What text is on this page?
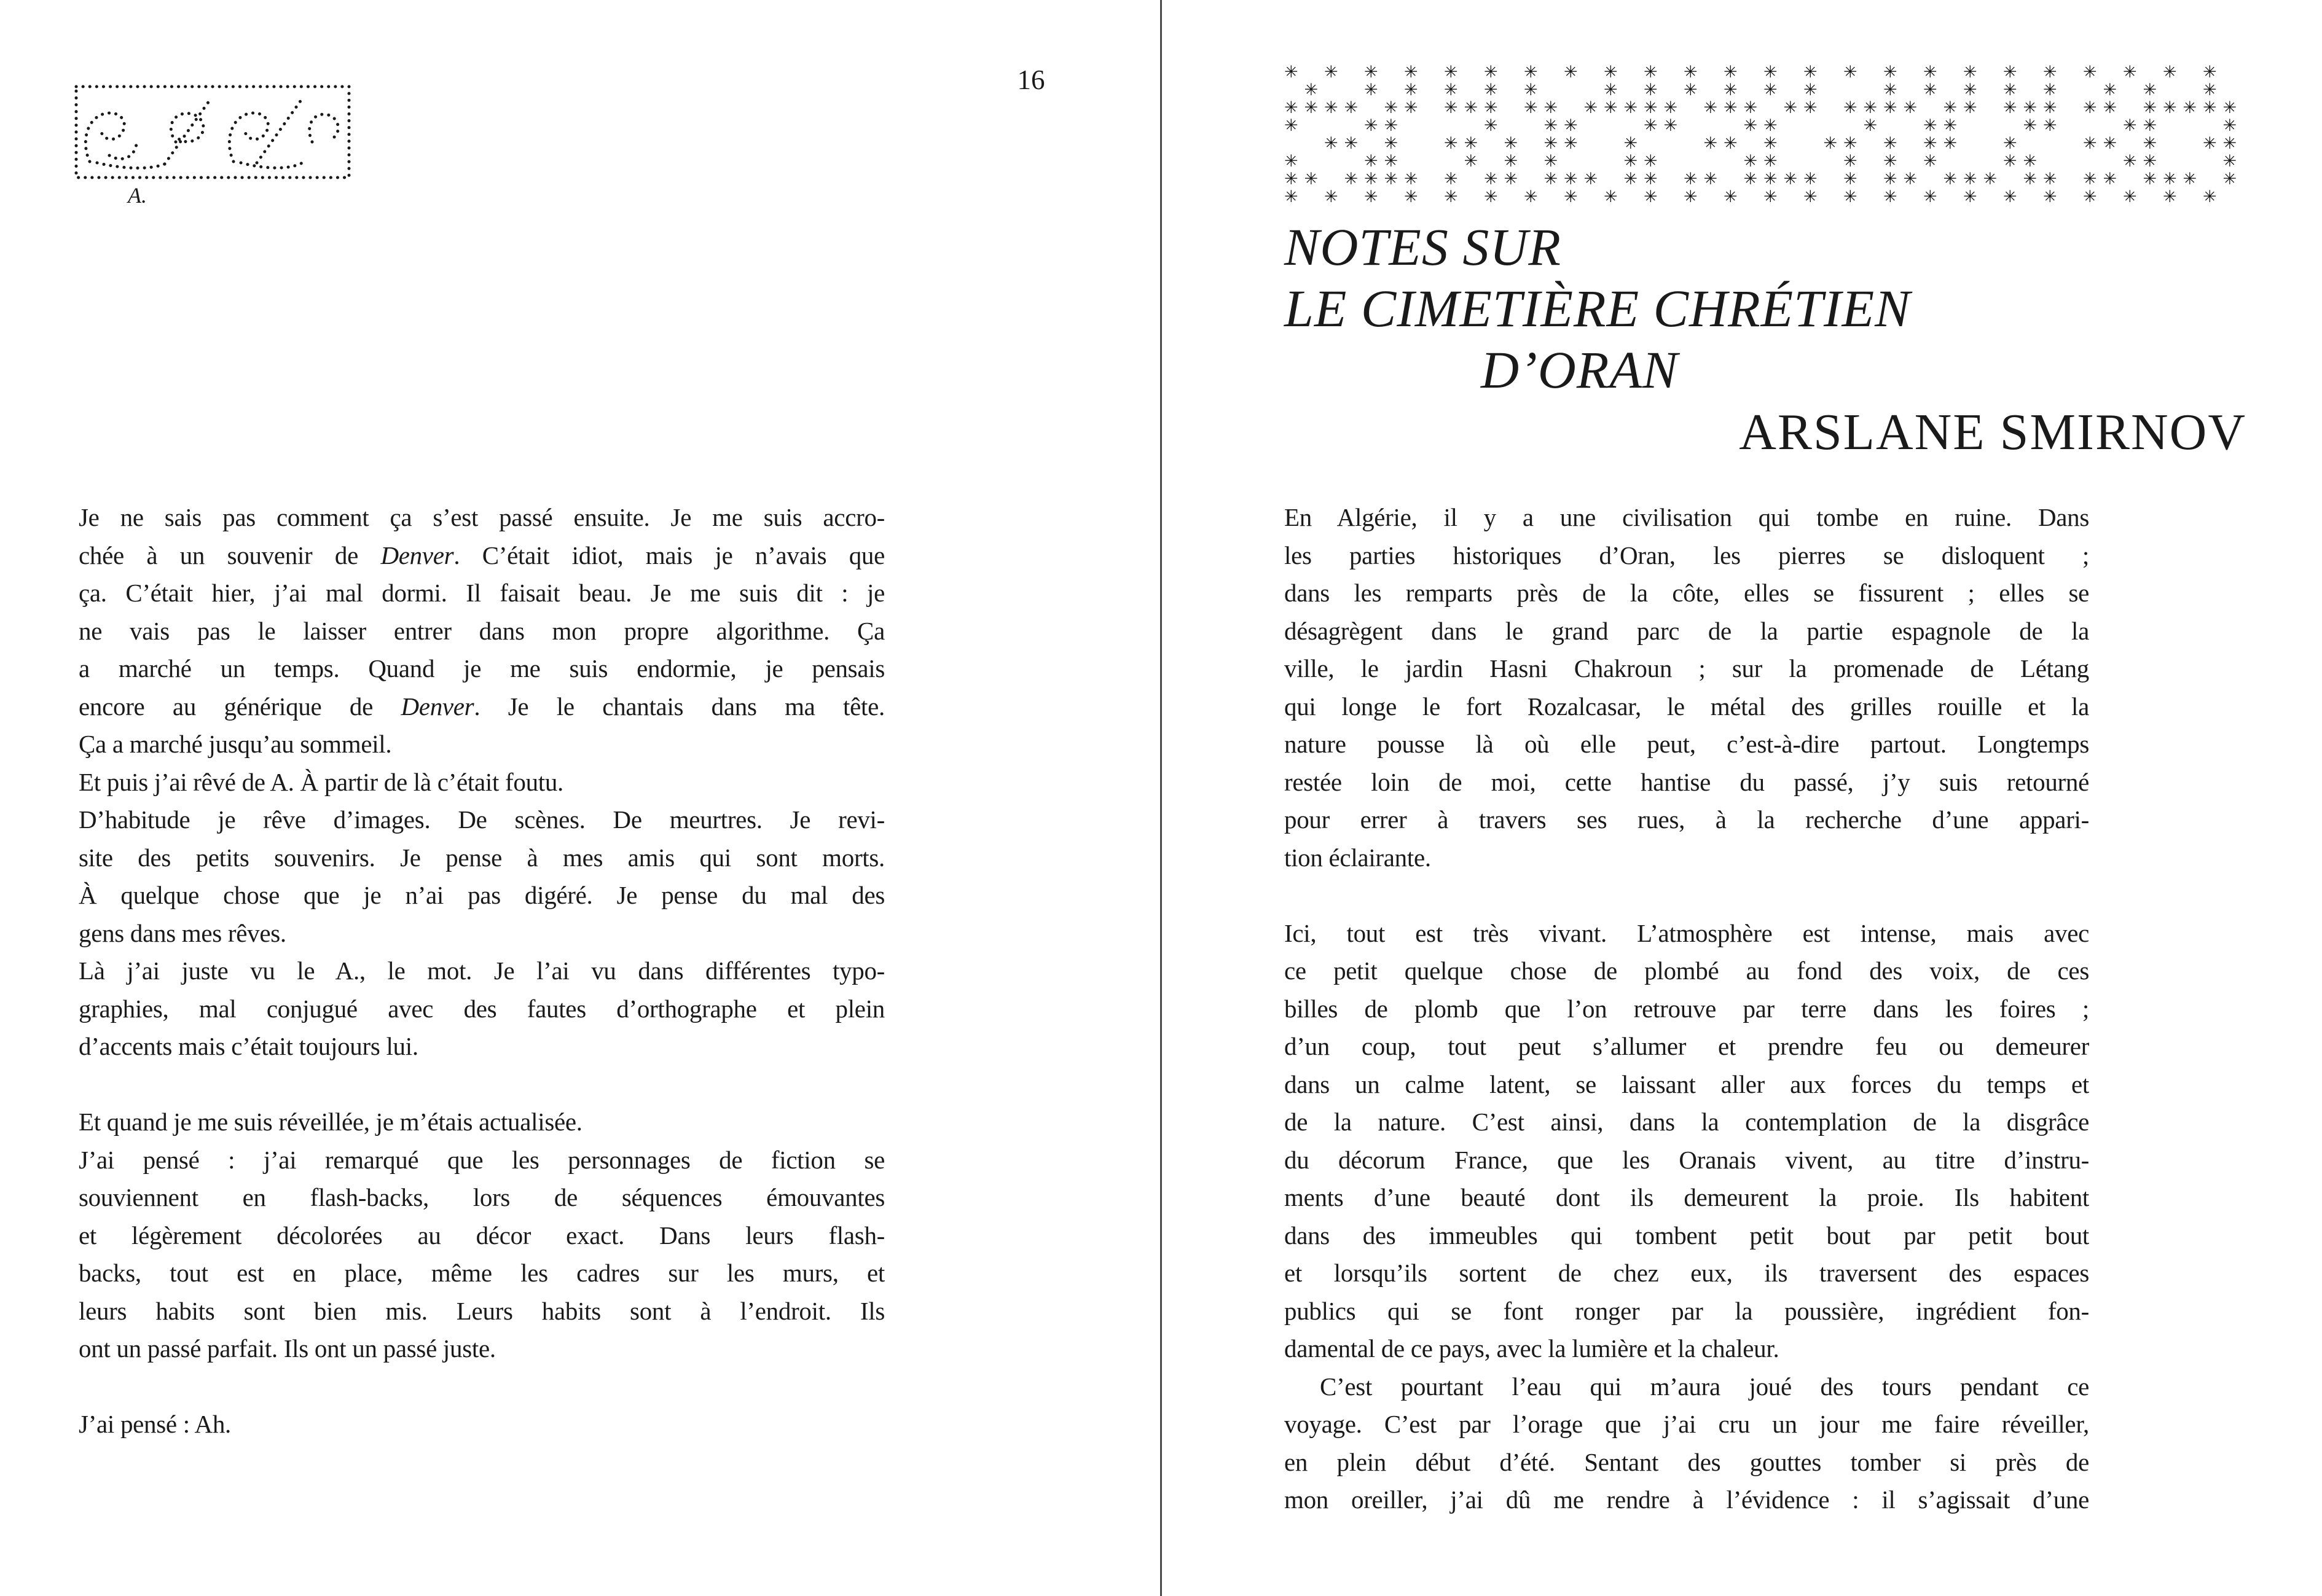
A.
16
Je ne sais pas comment ça s’est passé ensuite. Je me suis accro-
chée à un souvenir de Denver. C’était idiot, mais je n’avais que
ça. C’était hier, j’ai mal dormi. Il faisait beau. Je me suis dit : je
ne vais pas le laisser entrer dans mon propre algorithme. Ça
a marché un temps. Quand je me suis endormie, je pensais
encore au générique de Denver. Je le chantais dans ma tête.
Ça a marché jusqu’au sommeil.
Et puis j’ai rêvé de A. À partir de là c’était foutu.
D’habitude je rêve d’images. De scènes. De meurtres. Je revi-
site des petits souvenirs. Je pense à mes amis qui sont morts.
À quelque chose que je n’ai pas digéré. Je pense du mal des
gens dans mes rêves.
Là j’ai juste vu le A., le mot. Je l’ai vu dans différentes typo-
graphies, mal conjugué avec des fautes d’orthographe et plein
d’accents mais c’était toujours lui.
Et quand je me suis réveillée, je m’étais actualisée.
J’ai pensé : j’ai remarqué que les personnages de fiction se
souviennent en flash-backs, lors de séquences émouvantes
et légèrement décolorées au décor exact. Dans leurs flash-
backs, tout est en place, même les cadres sur les murs, et
leurs habits sont bien mis. Leurs habits sont à l’endroit. Ils
ont un passé parfait. Ils ont un passé juste.
J’ai pensé : Ah.
✳ ✳ ✳ ✳ ✳ ✳ ✳ ✳ ✳ ✳ ✳ ✳ ✳ ✳ ✳ ✳ ✳ ✳ ✳ ✳ ✳ ✳ ✳ ✳
✳	✳ ✳ ✳ ✳ ✳	✳ ✳ ✳ ✳ ✳ ✳	✳ ✳ ✳ ✳ ✳	✳ ✳	✳
✳ ✳ ✳ ✳ ✳ ✳ ✳ ✳ ✳ ✳ ✳ ✳ ✳ ✳ ✳ ✳ ✳ ✳ ✳ ✳ ✳ ✳ ✳ ✳ ✳ ✳ ✳ ✳ ✳ ✳ ✳ ✳ ✳ ✳ ✳ ✳ ✳
✳	✳ ✳	✳	✳ ✳	✳ ✳	✳ ✳	✳	✳ ✳	✳ ✳	✳ ✳	✳
✳ ✳ ✳	✳ ✳ ✳ ✳ ✳	✳	✳ ✳ ✳	✳ ✳ ✳ ✳ ✳	✳	✳ ✳ ✳	✳ ✳
✳	✳ ✳	✳ ✳ ✳	✳ ✳	✳ ✳	✳ ✳ ✳	✳ ✳	✳ ✳	✳
✳ ✳ ✳ ✳ ✳ ✳ ✳ ✳ ✳ ✳ ✳ ✳ ✳ ✳ ✳ ✳ ✳ ✳ ✳ ✳ ✳ ✳ ✳ ✳ ✳ ✳ ✳ ✳ ✳ ✳ ✳ ✳ ✳ ✳
✳ ✳ ✳ ✳ ✳ ✳ ✳ ✳ ✳ ✳ ✳ ✳ ✳ ✳ ✳ ✳ ✳ ✳ ✳ ✳ ✳ ✳ ✳ ✳
NOTES SUR
LE CIMETIÈRE CHRÉTIEN
D’ORAN
ARSLANE SMIRNOV
En Algérie, il y a une civilisation qui tombe en ruine. Dans
les parties historiques d’Oran, les pierres se disloquent ;
dans les remparts près de la côte, elles se fissurent ; elles se
désagrègent dans le grand parc de la partie espagnole de la
ville, le jardin Hasni Chakroun ; sur la promenade de Létang
qui longe le fort Rozalcasar, le métal des grilles rouille et la
nature pousse là où elle peut, c’est-à-dire partout. Longtemps
restée loin de moi, cette hantise du passé, j’y suis retourné
pour errer à travers ses rues, à la recherche d’une appari-
tion éclairante.
Ici, tout est très vivant. L’atmosphère est intense, mais avec
ce petit quelque chose de plombé au fond des voix, de ces
billes de plomb que l’on retrouve par terre dans les foires ;
d’un coup, tout peut s’allumer et prendre feu ou demeurer
dans un calme latent, se laissant aller aux forces du temps et
de la nature. C’est ainsi, dans la contemplation de la disgrâce
du décorum France, que les Oranais vivent, au titre d’instru-
ments d’une beauté dont ils demeurent la proie. Ils habitent
dans des immeubles qui tombent petit bout par petit bout
et lorsqu’ils sortent de chez eux, ils traversent des espaces
publics qui se font ronger par la poussière, ingrédient fon-
damental de ce pays, avec la lumière et la chaleur.
C’est pourtant l’eau qui m’aura joué des tours pendant ce
voyage. C’est par l’orage que j’ai cru un jour me faire réveiller,
en plein début d’été. Sentant des gouttes tomber si près de
mon oreiller, j’ai dû me rendre à l’évidence : il s’agissait d’une
